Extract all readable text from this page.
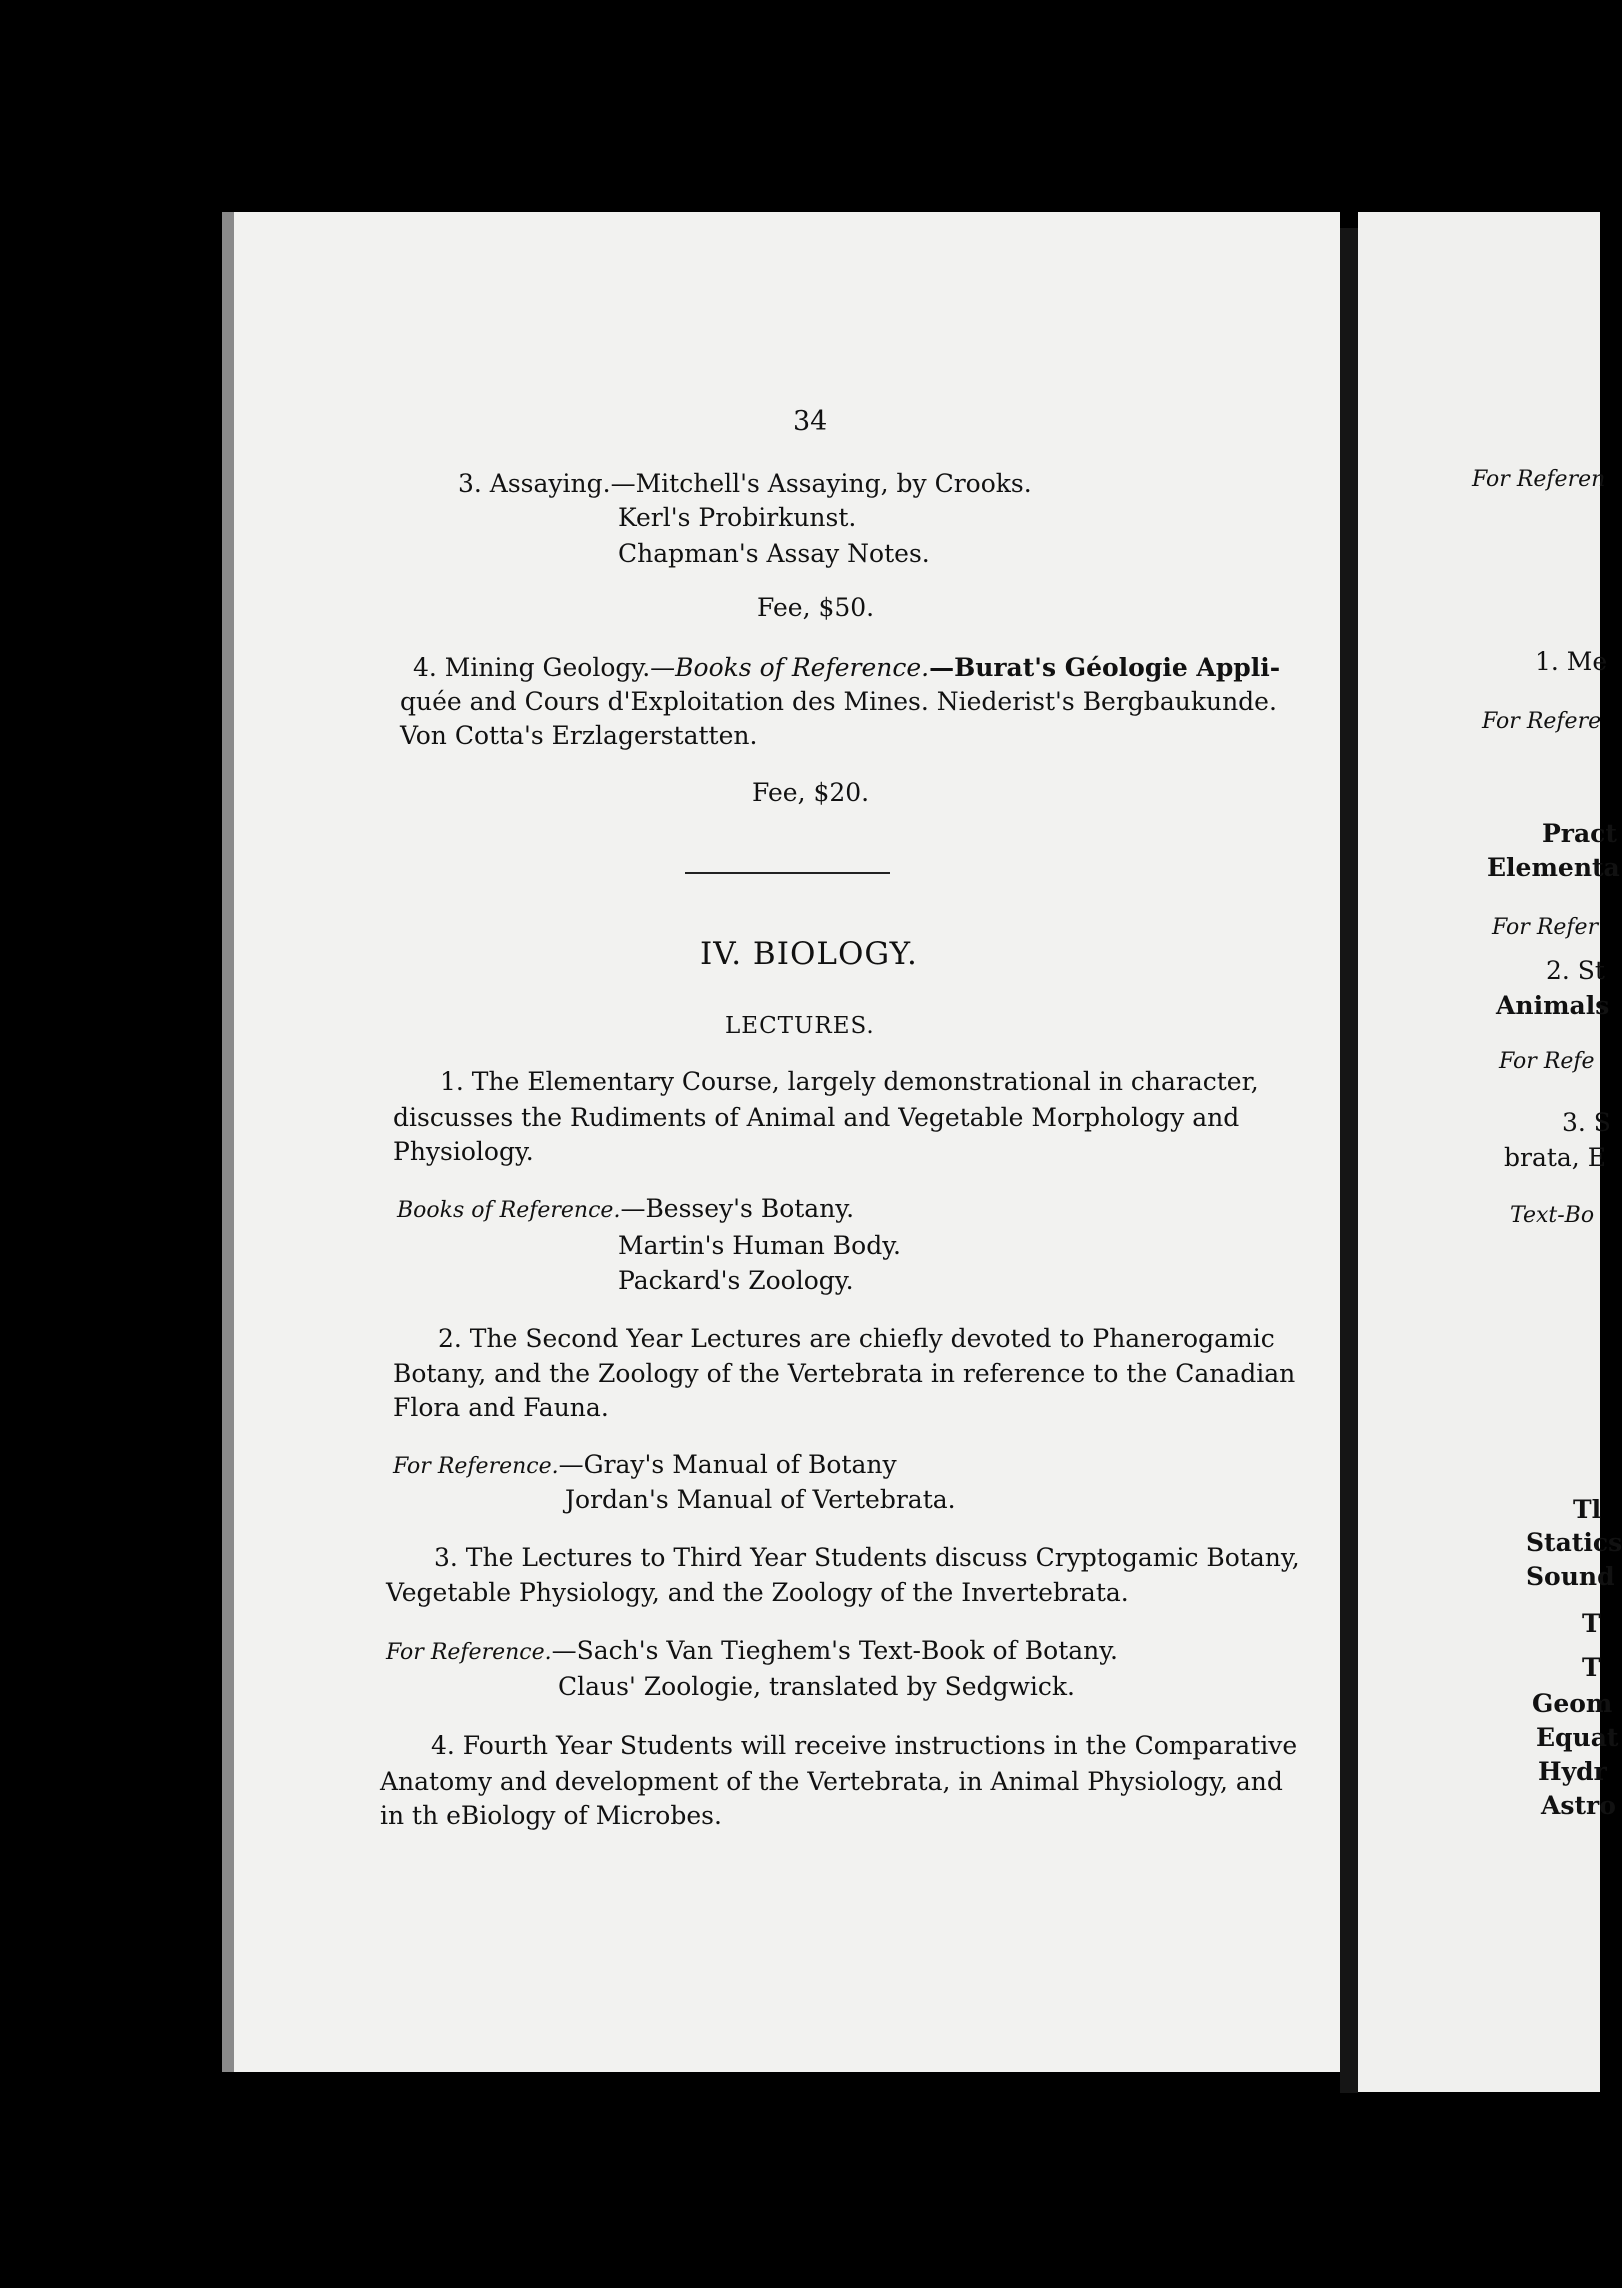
34
3. Assaying.—Mitchell's Assaying, by Crooks.
Kerl's Probirkunst.
Chapman's Assay Notes.
Fee, $50.
4. Mining Geology.—Books of Reference.—Burat's Géologie Appli-
quée and Cours d'Exploitation des Mines. Niederist's Bergbaukunde.
Von Cotta's Erzlagerstatten.
Fee, $20.
IV. BIOLOGY.
LECTURES.
1. The Elementary Course, largely demonstrational in character,
discusses the Rudiments of Animal and Vegetable Morphology and
Physiology.
Books of Reference.—Bessey's Botany.
Martin's Human Body.
Packard's Zoology.
2. The Second Year Lectures are chiefly devoted to Phanerogamic
Botany, and the Zoology of the Vertebrata in reference to the Canadian
Flora and Fauna.
For Reference.—Gray's Manual of Botany
Jordan's Manual of Vertebrata.
3. The Lectures to Third Year Students discuss Cryptogamic Botany,
Vegetable Physiology, and the Zoology of the Invertebrata.
For Reference.—Sach's Van Tieghem's Text-Book of Botany.
Claus' Zoologie, translated by Sedgwick.
4. Fourth Year Students will receive instructions in the Comparative
Anatomy and development of the Vertebrata, in Animal Physiology, and
in th eBiology of Microbes.
For Referen
1. Me
For Refere
Pract
Elementa
For Refer
2. St
Animals
For Refe
3. S
brata, E
Text-Bo
Tl
Statics
Sound
T
T
Geom
Equat
Hydr
Astro
